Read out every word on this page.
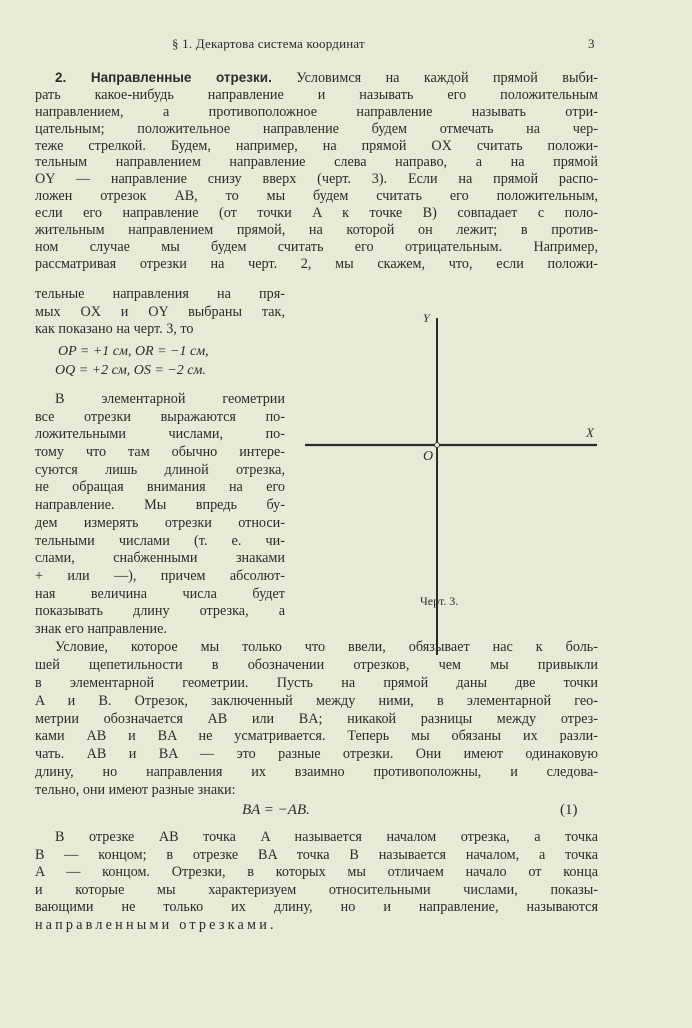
§ 1. Декартова система координат	3
2. Направленные отрезки. Условимся на каждой прямой выби-
рать какое-нибудь направление и называть его положительным
направлением, а противоположное направление называть отри-
цательным; положительное направление будем отмечать на чер-
теже стрелкой. Будем, например, на прямой OX считать положи-
тельным направлением направление слева направо, а на прямой
OY — направление снизу вверх (черт. 3). Если на прямой распо-
ложен отрезок AB, то мы будем считать его положительным,
если его направление (от точки A к точке B) совпадает с поло-
жительным направлением прямой, на которой он лежит; в против-
ном случае мы будем считать его отрицательным. Например,
рассматривая отрезки на черт. 2, мы скажем, что, если положи-
тельные направления на пря-
мых OX и OY выбраны так,
как показано на черт. 3, то
OP = +1 см, OR = −1 см,
OQ = +2 см, OS = −2 см.
В элементарной геометрии
все отрезки выражаются по-
ложительными числами, по-
тому что там обычно интере-
суются лишь длиной отрезка,
не обращая внимания на его
направление. Мы впредь бу-
дем измерять отрезки относи-
тельными числами (т. е. чи-
слами, снабженными знаками
+ или —), причем абсолют-
ная величина числа будет
показывать длину отрезка, а
знак его направление.
Y
X
O
Черт. 3.
Условие, которое мы только что ввели, обязывает нас к боль-
шей щепетильности в обозначении отрезков, чем мы привыкли
в элементарной геометрии. Пусть на прямой даны две точки
A и B. Отрезок, заключенный между ними, в элементарной гео-
метрии обозначается AB или BA; никакой разницы между отрез-
ками AB и BA не усматривается. Теперь мы обязаны их разли-
чать. AB и BA — это разные отрезки. Они имеют одинаковую
длину, но направления их взаимно противоположны, и следова-
тельно, они имеют разные знаки:
BA = −AB.	(1)
В отрезке AB точка A называется началом отрезка, а точка
B — концом; в отрезке BA точка B называется началом, а точка
A — концом. Отрезки, в которых мы отличаем начало от конца
и которые мы характеризуем относительными числами, показы-
вающими не только их длину, но и направление, называются
направленными отрезками.
